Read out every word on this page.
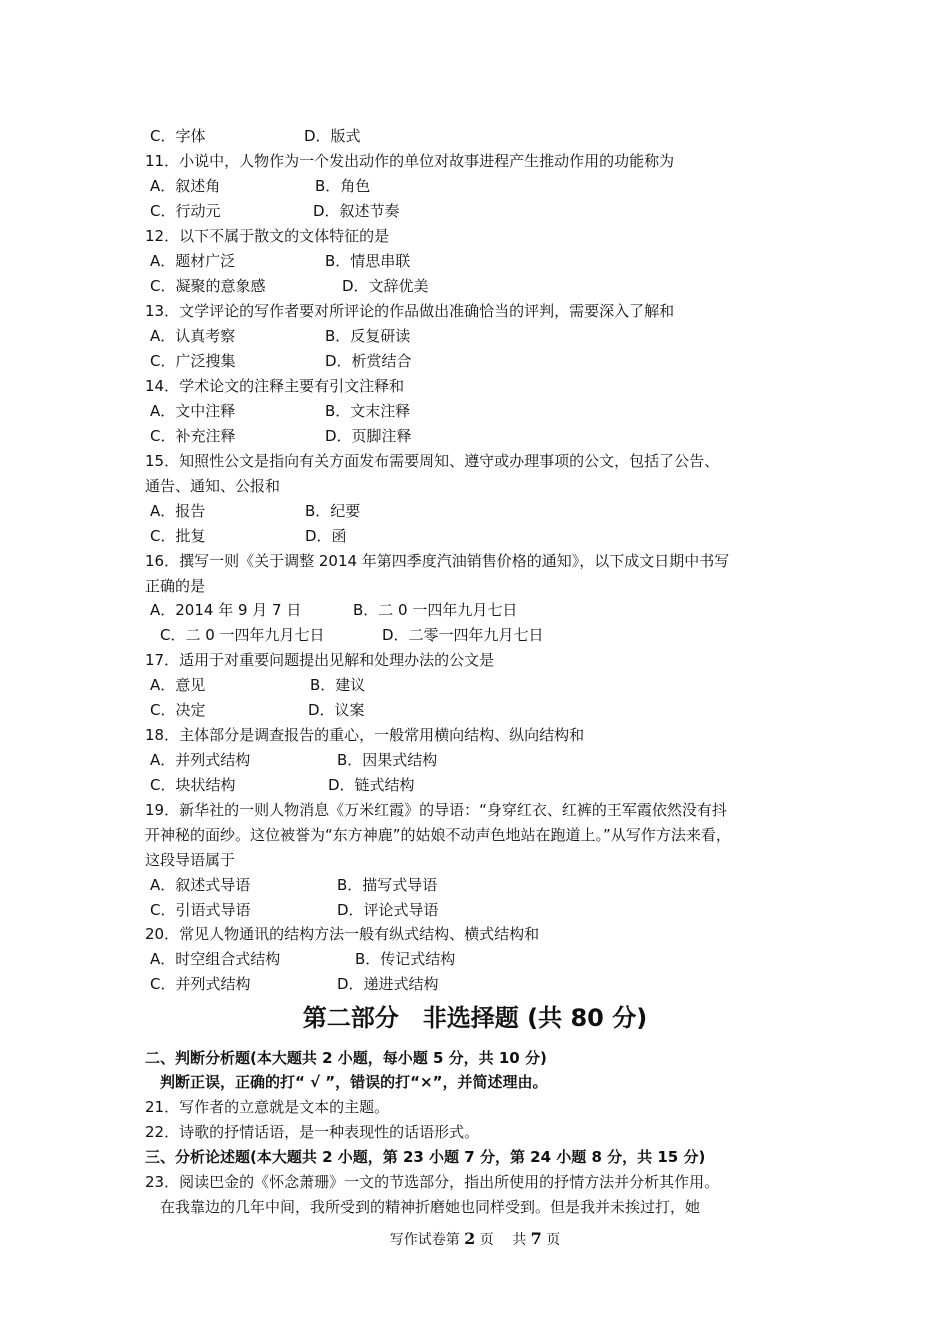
C．字体	D．版式
11．小说中，人物作为一个发出动作的单位对故事进程产生推动作用的功能称为
A．叙述角	B．角色
C．行动元	D．叙述节奏
12．以下不属于散文的文体特征的是
A．题材广泛	B．情思串联
C．凝聚的意象感	D．文辞优美
13．文学评论的写作者要对所评论的作品做出准确恰当的评判，需要深入了解和
A．认真考察	B．反复研读
C．广泛搜集	D．析赏结合
14．学术论文的注释主要有引文注释和
A．文中注释	B．文末注释
C．补充注释	D．页脚注释
15．知照性公文是指向有关方面发布需要周知、遵守或办理事项的公文，包括了公告、
通告、通知、公报和
A．报告	B．纪要
C．批复	D．函
16．撰写一则《关于调整 2014 年第四季度汽油销售价格的通知》，以下成文日期中书写
正确的是
A．2014 年 9 月 7 日	B．二 0 一四年九月七日
C．二 0 一四年九月七日	D．二零一四年九月七日
17．适用于对重要问题提出见解和处理办法的公文是
A．意见	B．建议
C．决定	D．议案
18．主体部分是调查报告的重心，一般常用横向结构、纵向结构和
A．并列式结构	B．因果式结构
C．块状结构	D．链式结构
19．新华社的一则人物消息《万米红霞》的导语：“身穿红衣、红裤的王军霞依然没有抖
开神秘的面纱。这位被誉为“东方神鹿”的姑娘不动声色地站在跑道上。”从写作方法来看，
这段导语属于
A．叙述式导语	B．描写式导语
C．引语式导语	D．评论式导语
20．常见人物通讯的结构方法一般有纵式结构、横式结构和
A．时空组合式结构	B．传记式结构
C．并列式结构	D．递进式结构
第二部分　非选择题 (共 80 分)
二、判断分析题(本大题共 2 小题，每小题 5 分，共 10 分)
判断正误，正确的打“ √ ”，错误的打“×”，并简述理由。
21．写作者的立意就是文本的主题。
22．诗歌的抒情话语，是一种表现性的话语形式。
三、分析论述题(本大题共 2 小题，第 23 小题 7 分，第 24 小题 8 分，共 15 分)
23．阅读巴金的《怀念萧珊》一文的节选部分，指出所使用的抒情方法并分析其作用。
在我靠边的几年中间，我所受到的精神折磨她也同样受到。但是我并未挨过打，她
写作试卷第 2 页　 共 7 页
